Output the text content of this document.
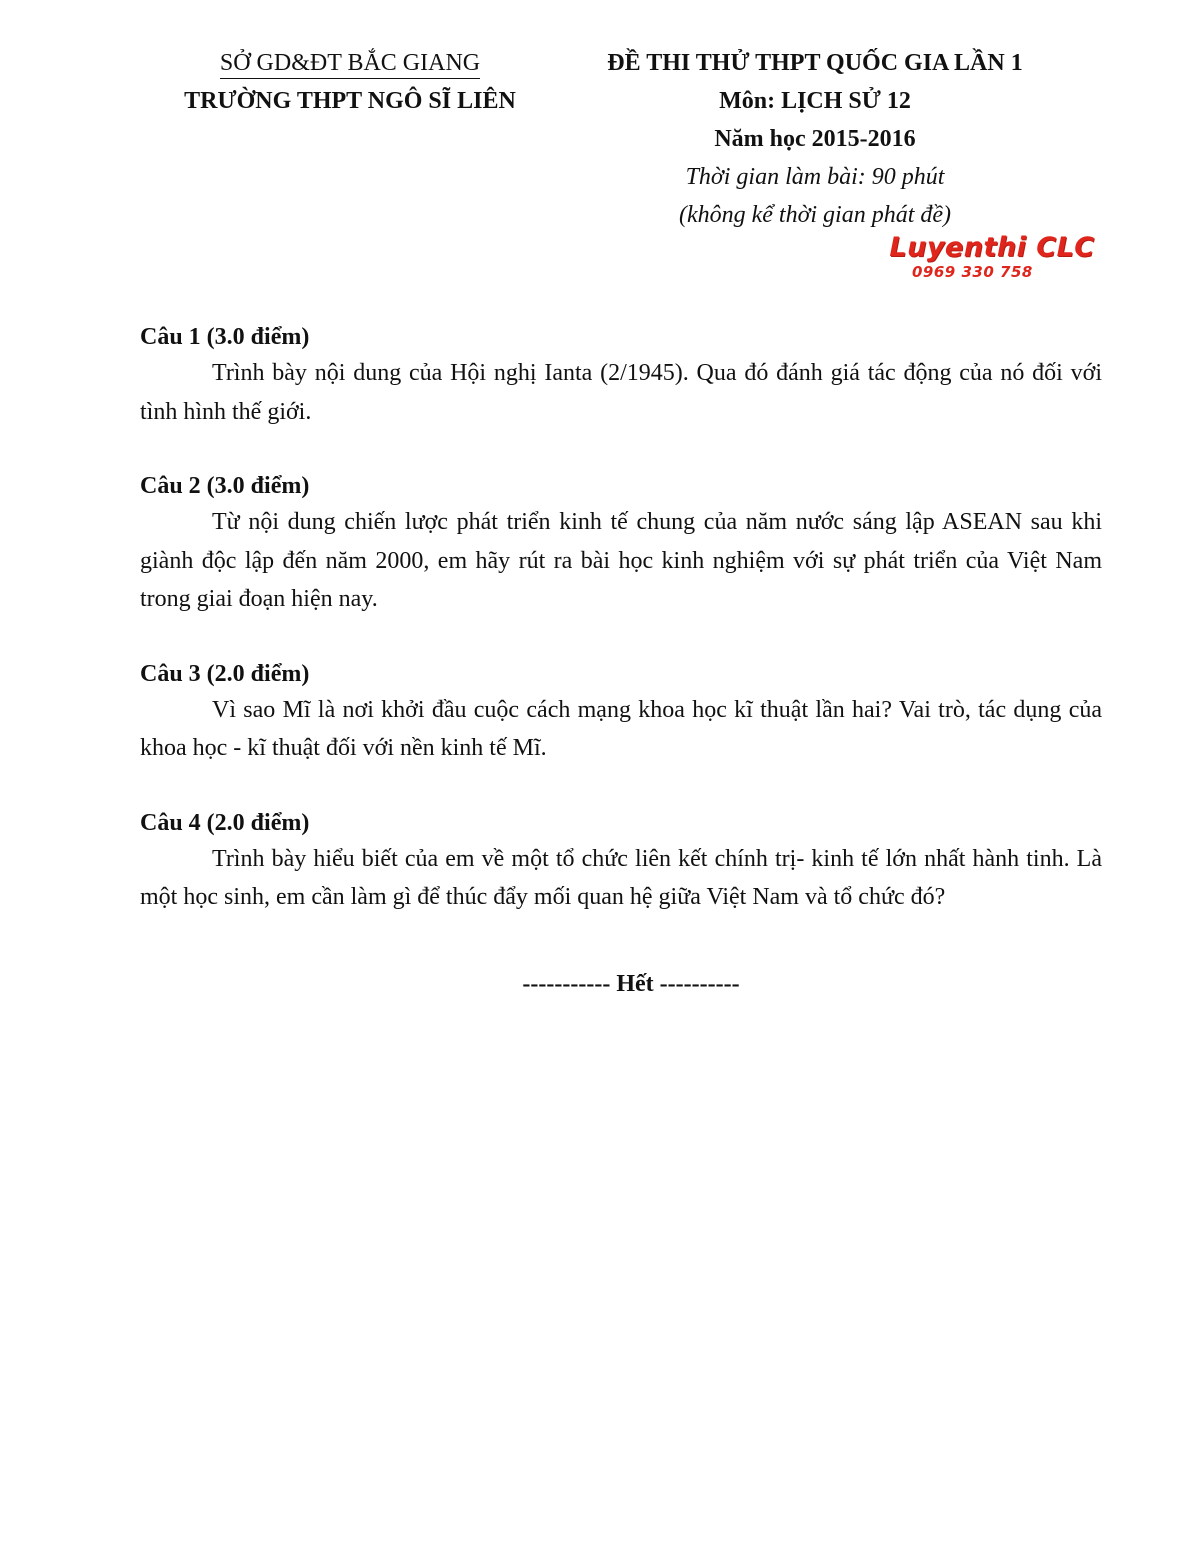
SỞ GD&ĐT BẮC GIANG
TRƯỜNG THPT NGÔ SĨ LIÊN
ĐỀ THI THỬ THPT QUỐC GIA LẦN 1
Môn: LỊCH SỬ 12
Năm học 2015-2016
Thời gian làm bài: 90 phút
(không kể thời gian phát đề)
Luyenthi CLC
0969 330 758
Câu 1 (3.0 điểm)
Trình bày nội dung của Hội nghị Ianta (2/1945). Qua đó đánh giá tác động của nó đối với tình hình thế giới.
Câu 2 (3.0 điểm)
Từ nội dung chiến lược phát triển kinh tế chung của năm nước sáng lập ASEAN sau khi giành độc lập đến năm 2000, em hãy rút ra bài học kinh nghiệm với sự phát triển của Việt Nam trong giai đoạn hiện nay.
Câu 3 (2.0 điểm)
Vì sao Mĩ là nơi khởi đầu cuộc cách mạng khoa học kĩ thuật lần hai? Vai trò, tác dụng của khoa học - kĩ thuật đối với nền kinh tế Mĩ.
Câu 4 (2.0 điểm)
Trình bày hiểu biết của em về một tổ chức liên kết chính trị- kinh tế lớn nhất hành tinh. Là một học sinh, em cần làm gì để thúc đẩy mối quan hệ giữa Việt Nam và tổ chức đó?
----------- Hết ----------
